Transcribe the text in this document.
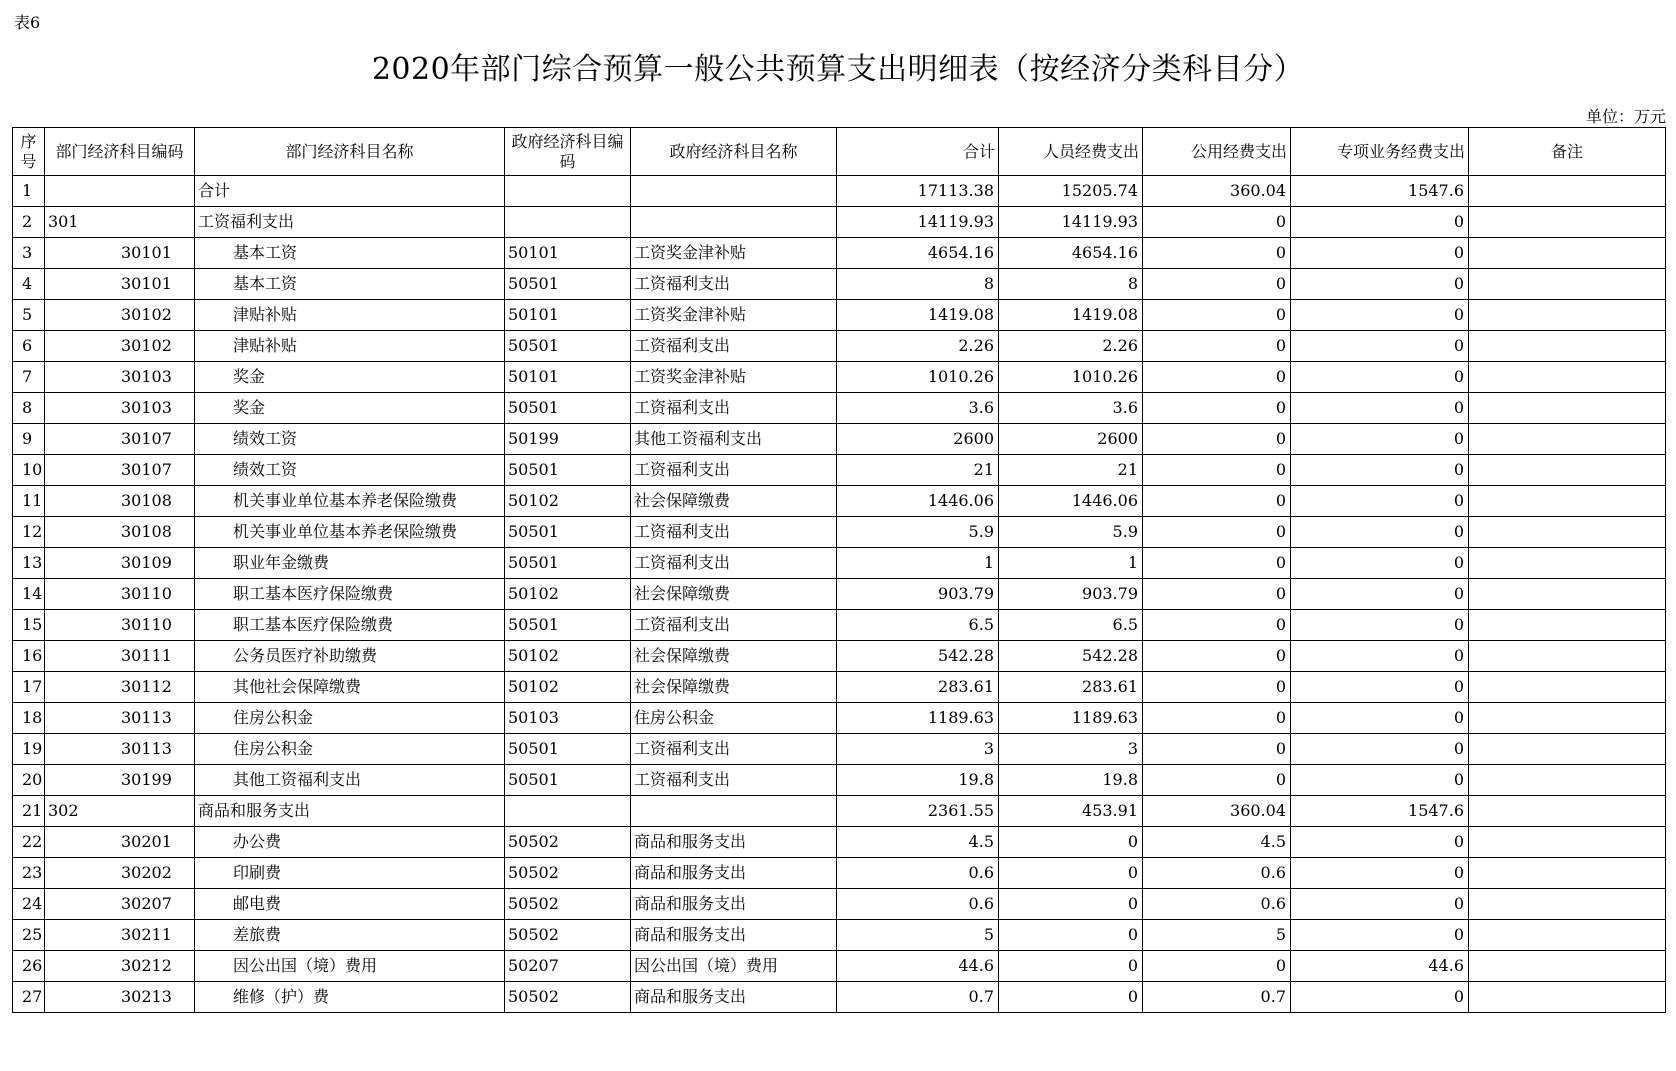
表6
2020年部门综合预算一般公共预算支出明细表（按经济分类科目分）
单位：万元
序号	部门经济科目编码	部门经济科目名称	政府经济科目编码	政府经济科目名称	合计	人员经费支出	公用经费支出	专项业务经费支出	备注
1		合计			17113.38	15205.74	360.04	1547.6	
2	301	工资福利支出			14119.93	14119.93	0	0	
3	30101	基本工资	50101	工资奖金津补贴	4654.16	4654.16	0	0	
4	30101	基本工资	50501	工资福利支出	8	8	0	0	
5	30102	津贴补贴	50101	工资奖金津补贴	1419.08	1419.08	0	0	
6	30102	津贴补贴	50501	工资福利支出	2.26	2.26	0	0	
7	30103	奖金	50101	工资奖金津补贴	1010.26	1010.26	0	0	
8	30103	奖金	50501	工资福利支出	3.6	3.6	0	0	
9	30107	绩效工资	50199	其他工资福利支出	2600	2600	0	0	
10	30107	绩效工资	50501	工资福利支出	21	21	0	0	
11	30108	机关事业单位基本养老保险缴费	50102	社会保障缴费	1446.06	1446.06	0	0	
12	30108	机关事业单位基本养老保险缴费	50501	工资福利支出	5.9	5.9	0	0	
13	30109	职业年金缴费	50501	工资福利支出	1	1	0	0	
14	30110	职工基本医疗保险缴费	50102	社会保障缴费	903.79	903.79	0	0	
15	30110	职工基本医疗保险缴费	50501	工资福利支出	6.5	6.5	0	0	
16	30111	公务员医疗补助缴费	50102	社会保障缴费	542.28	542.28	0	0	
17	30112	其他社会保障缴费	50102	社会保障缴费	283.61	283.61	0	0	
18	30113	住房公积金	50103	住房公积金	1189.63	1189.63	0	0	
19	30113	住房公积金	50501	工资福利支出	3	3	0	0	
20	30199	其他工资福利支出	50501	工资福利支出	19.8	19.8	0	0	
21	302	商品和服务支出			2361.55	453.91	360.04	1547.6	
22	30201	办公费	50502	商品和服务支出	4.5	0	4.5	0	
23	30202	印刷费	50502	商品和服务支出	0.6	0	0.6	0	
24	30207	邮电费	50502	商品和服务支出	0.6	0	0.6	0	
25	30211	差旅费	50502	商品和服务支出	5	0	5	0	
26	30212	因公出国（境）费用	50207	因公出国（境）费用	44.6	0	0	44.6	
27	30213	维修（护）费	50502	商品和服务支出	0.7	0	0.7	0	
